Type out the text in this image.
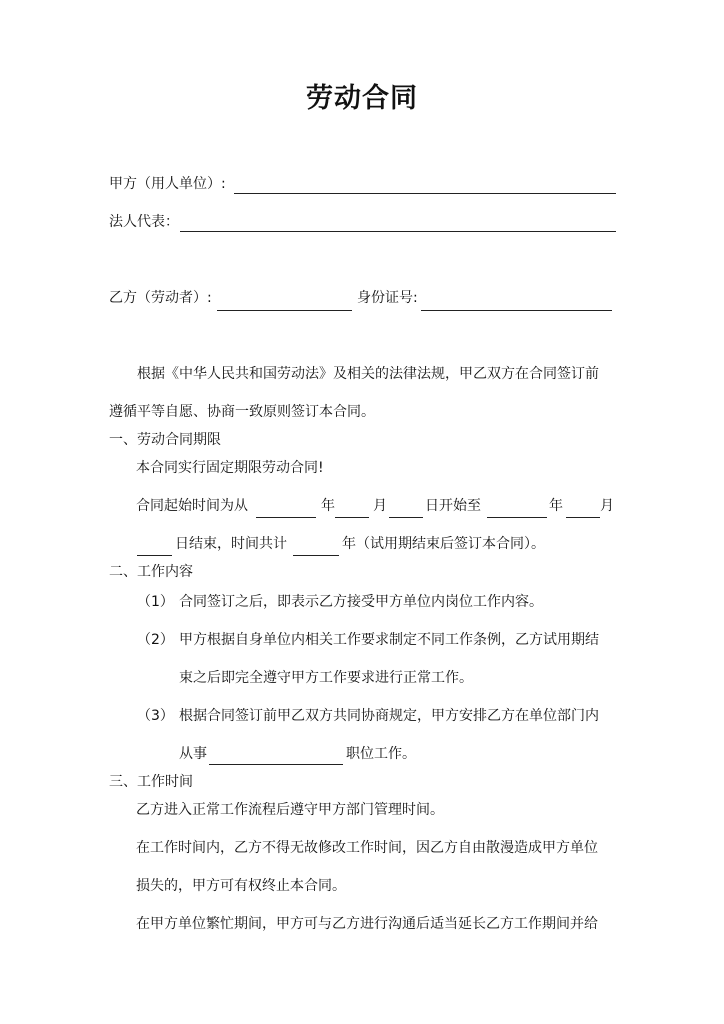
劳动合同
甲方（用人单位）:
法人代表：
乙方（劳动者）:	身份证号:
根据《中华人民共和国劳动法》及相关的法律法规，甲乙双方在合同签订前
遵循平等自愿、协商一致原则签订本合同。
一、劳动合同期限
本合同实行固定期限劳动合同!
合同起始时间为从	年	月	日开始至	年	月
日结束，时间共计	年（试用期结束后签订本合同）。
二、工作内容
（1） 合同签订之后，即表示乙方接受甲方单位内岗位工作内容。
（2） 甲方根据自身单位内相关工作要求制定不同工作条例，乙方试用期结
束之后即完全遵守甲方工作要求进行正常工作。
（3） 根据合同签订前甲乙双方共同协商规定，甲方安排乙方在单位部门内
从事	职位工作。
三、工作时间
乙方进入正常工作流程后遵守甲方部门管理时间。
在工作时间内，乙方不得无故修改工作时间，因乙方自由散漫造成甲方单位
损失的，甲方可有权终止本合同。
在甲方单位繁忙期间，甲方可与乙方进行沟通后适当延长乙方工作期间并给
